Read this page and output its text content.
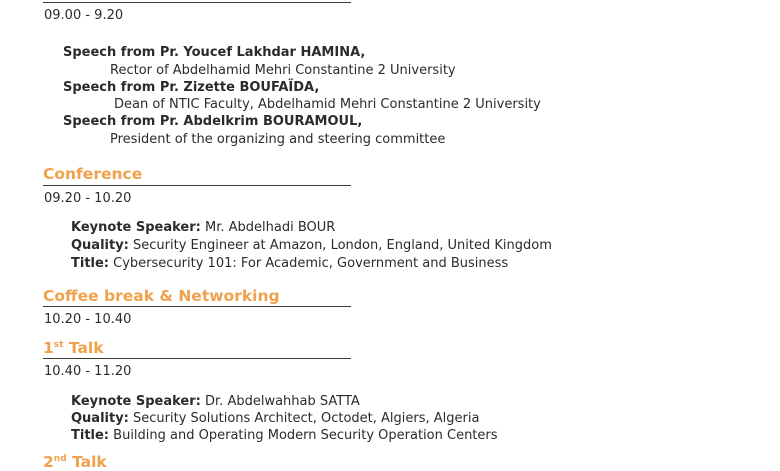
09.00 - 9.20
Speech from Pr. Youcef Lakhdar HAMINA,
Rector of Abdelhamid Mehri Constantine 2 University
Speech from Pr. Zizette BOUFAÏDA,
Dean of NTIC Faculty, Abdelhamid Mehri Constantine 2 University
Speech from Pr. Abdelkrim BOURAMOUL,
President of the organizing and steering committee
Conference
09.20 - 10.20
Keynote Speaker: Mr. Abdelhadi BOUR
Quality: Security Engineer at Amazon, London, England, United Kingdom
Title: Cybersecurity 101: For Academic, Government and Business
Coffee break & Networking
10.20 - 10.40
1st Talk
10.40 - 11.20
Keynote Speaker: Dr. Abdelwahhab SATTA
Quality: Security Solutions Architect, Octodet, Algiers, Algeria
Title: Building and Operating Modern Security Operation Centers
2nd Talk
